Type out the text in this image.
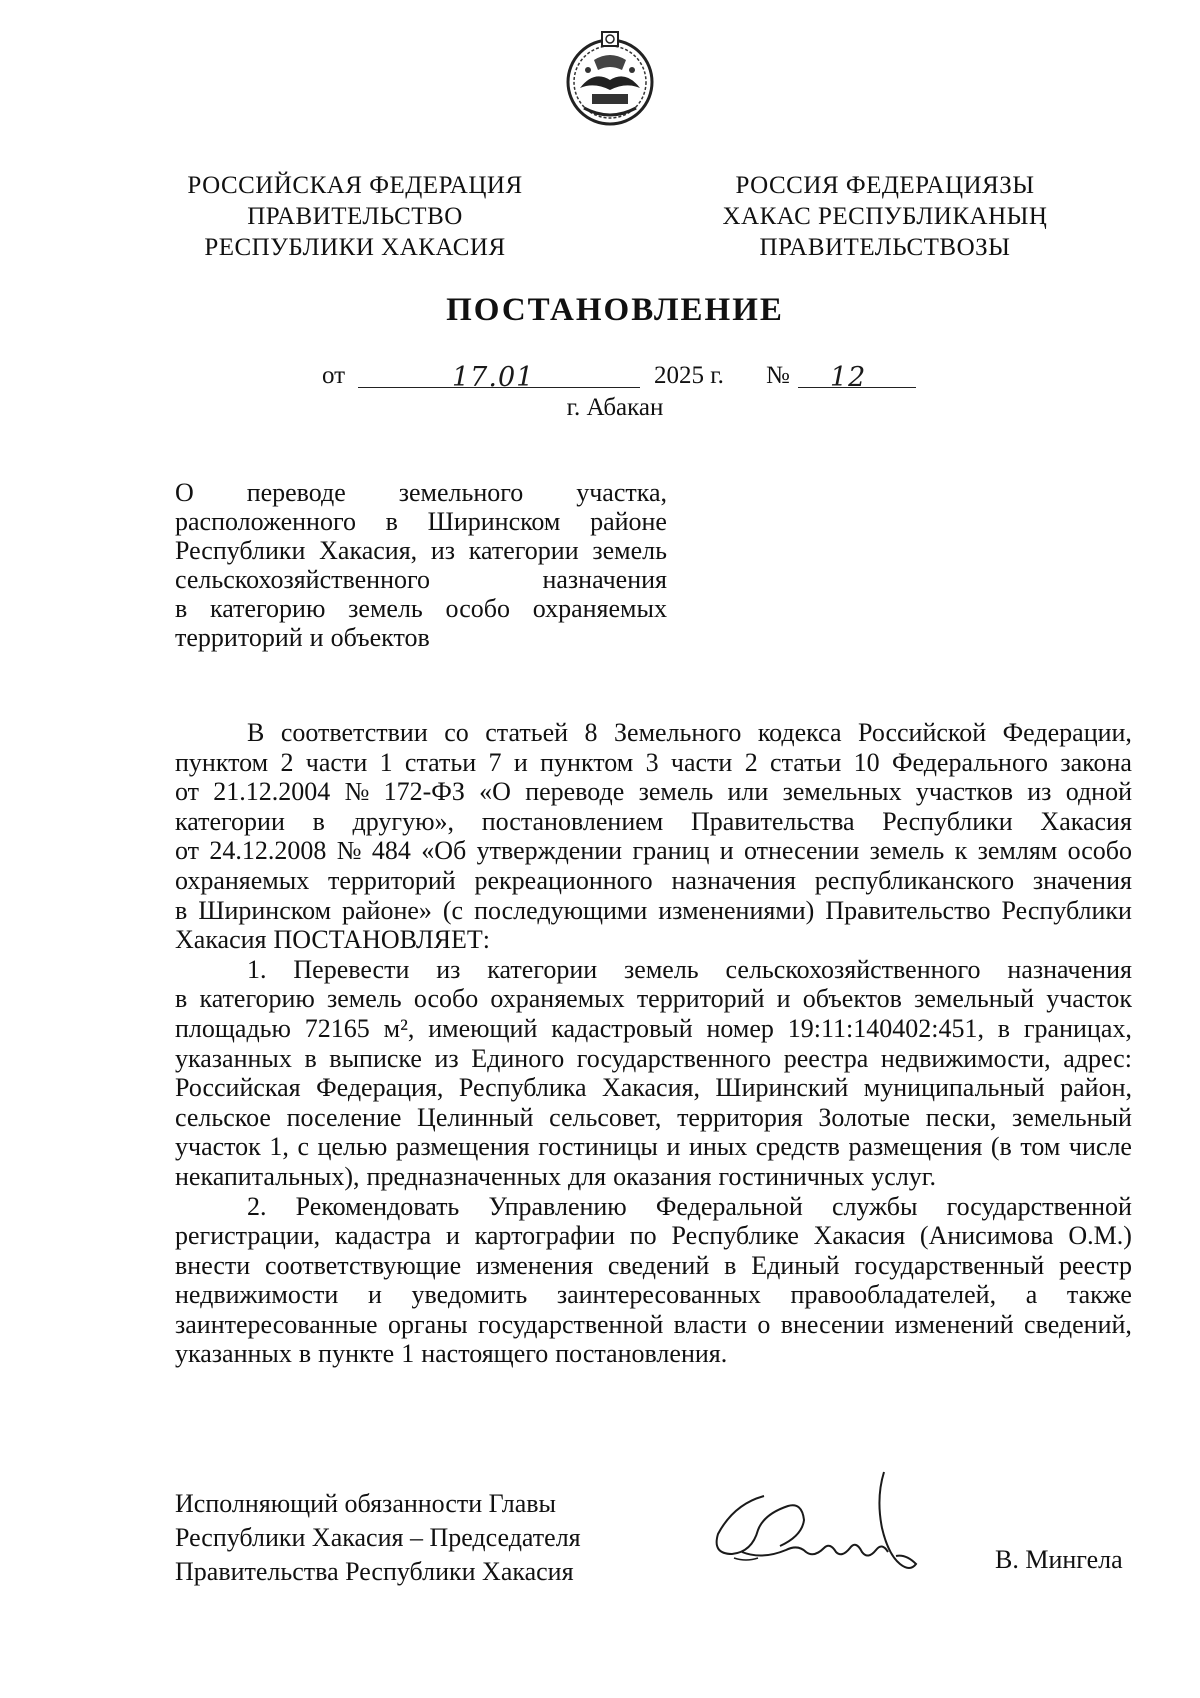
РОССИЙСКАЯ ФЕДЕРАЦИЯ
ПРАВИТЕЛЬСТВО
РЕСПУБЛИКИ ХАКАСИЯ
РОССИЯ ФЕДЕРАЦИЯЗЫ
ХАКАС РЕСПУБЛИКАНЫҢ
ПРАВИТЕЛЬСТВОЗЫ
ПОСТАНОВЛЕНИЕ
от	17.01	2025 г. № 12
г. Абакан
О переводе земельного участка,
расположенного в Ширинском районе
Республики Хакасия, из категории земель
сельскохозяйственного	назначения
в категорию земель особо охраняемых
территорий и объектов
В соответствии со статьей 8 Земельного кодекса Российской Федерации,
пунктом 2 части 1 статьи 7 и пунктом 3 части 2 статьи 10 Федерального закона
от 21.12.2004 № 172-ФЗ «О переводе земель или земельных участков из одной
категории в другую», постановлением Правительства Республики Хакасия
от 24.12.2008 № 484 «Об утверждении границ и отнесении земель к землям особо
охраняемых территорий рекреационного назначения республиканского значения
в Ширинском районе» (с последующими изменениями) Правительство Республики
Хакасия ПОСТАНОВЛЯЕТ:
1. Перевести из категории земель сельскохозяйственного назначения
в категорию земель особо охраняемых территорий и объектов земельный участок
площадью 72165 м², имеющий кадастровый номер 19:11:140402:451, в границах,
указанных в выписке из Единого государственного реестра недвижимости, адрес:
Российская Федерация, Республика Хакасия, Ширинский муниципальный район,
сельское поселение Целинный сельсовет, территория Золотые пески, земельный
участок 1, с целью размещения гостиницы и иных средств размещения (в том числе
некапитальных), предназначенных для оказания гостиничных услуг.
2. Рекомендовать Управлению Федеральной службы государственной
регистрации, кадастра и картографии по Республике Хакасия (Анисимова О.М.)
внести соответствующие изменения сведений в Единый государственный реестр
недвижимости и уведомить заинтересованных правообладателей, а также
заинтересованные органы государственной власти о внесении изменений сведений,
указанных в пункте 1 настоящего постановления.
Исполняющий обязанности Главы
Республики Хакасия – Председателя
Правительства Республики Хакасия	В. Мингела
